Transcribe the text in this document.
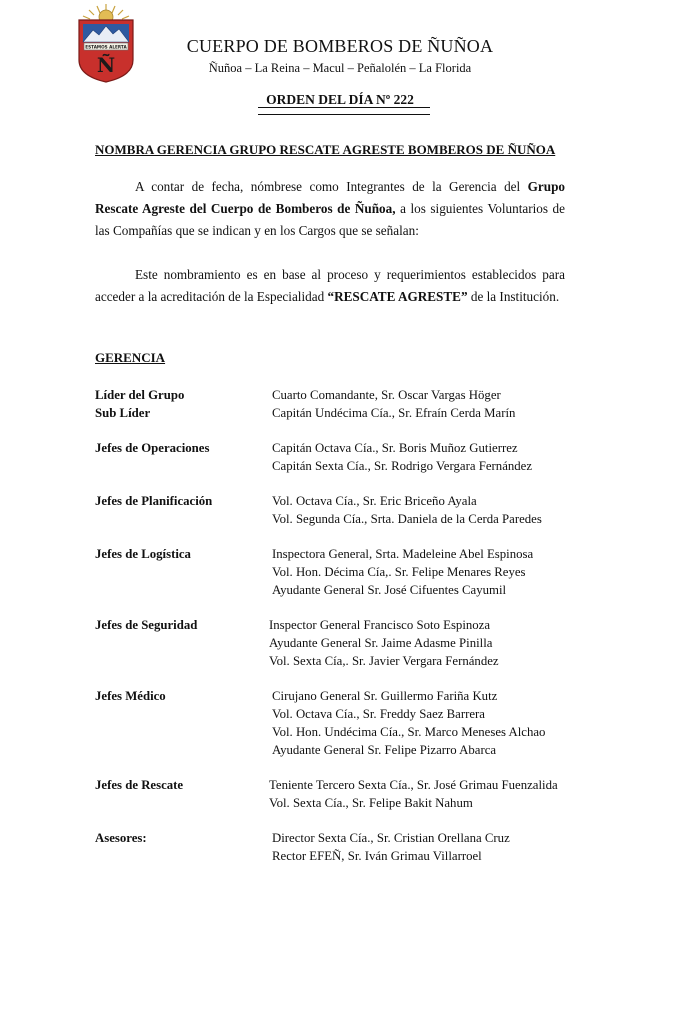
ESTAMOS ALERTA
Ñ
CUERPO DE BOMBEROS DE ÑUÑOA
Ñuñoa – La Reina – Macul – Peñalolén – La Florida
ORDEN DEL DÍA Nº 222
NOMBRA GERENCIA GRUPO RESCATE AGRESTE BOMBEROS DE ÑUÑOA
A contar de fecha, nómbrese como Integrantes de la Gerencia del Grupo Rescate Agreste del Cuerpo de Bomberos de Ñuñoa, a los siguientes Voluntarios de las Compañías que se indican y en los Cargos que se señalan:
Este nombramiento es en base al proceso y requerimientos establecidos para acceder a la acreditación de la Especialidad “RESCATE AGRESTE” de la Institución.
GERENCIA
Líder del Grupo	Cuarto Comandante, Sr. Oscar Vargas Höger
Sub Líder	Capitán Undécima Cía., Sr. Efraín Cerda Marín
Jefes de Operaciones	Capitán Octava Cía., Sr. Boris Muñoz Gutierrez
Capitán Sexta Cía., Sr. Rodrigo Vergara Fernández
Jefes de Planificación	Vol. Octava Cía., Sr. Eric Briceño Ayala
Vol. Segunda Cía., Srta. Daniela de la Cerda Paredes
Jefes de Logística	Inspectora General, Srta. Madeleine Abel Espinosa
Vol. Hon. Décima Cía,. Sr. Felipe Menares Reyes
Ayudante General Sr. José Cifuentes Cayumil
Jefes de Seguridad	Inspector General Francisco Soto Espinoza
Ayudante General Sr. Jaime Adasme Pinilla
Vol. Sexta Cía,. Sr. Javier Vergara Fernández
Jefes Médico	Cirujano General Sr. Guillermo Fariña Kutz
Vol. Octava Cía., Sr. Freddy Saez Barrera
Vol. Hon. Undécima Cía., Sr. Marco Meneses Alchao
Ayudante General Sr. Felipe Pizarro Abarca
Jefes de Rescate	Teniente Tercero Sexta Cía., Sr. José Grimau Fuenzalida
Vol. Sexta Cía., Sr. Felipe Bakit Nahum
Asesores:	Director Sexta Cía., Sr. Cristian Orellana Cruz
Rector EFEÑ, Sr. Iván Grimau Villarroel
